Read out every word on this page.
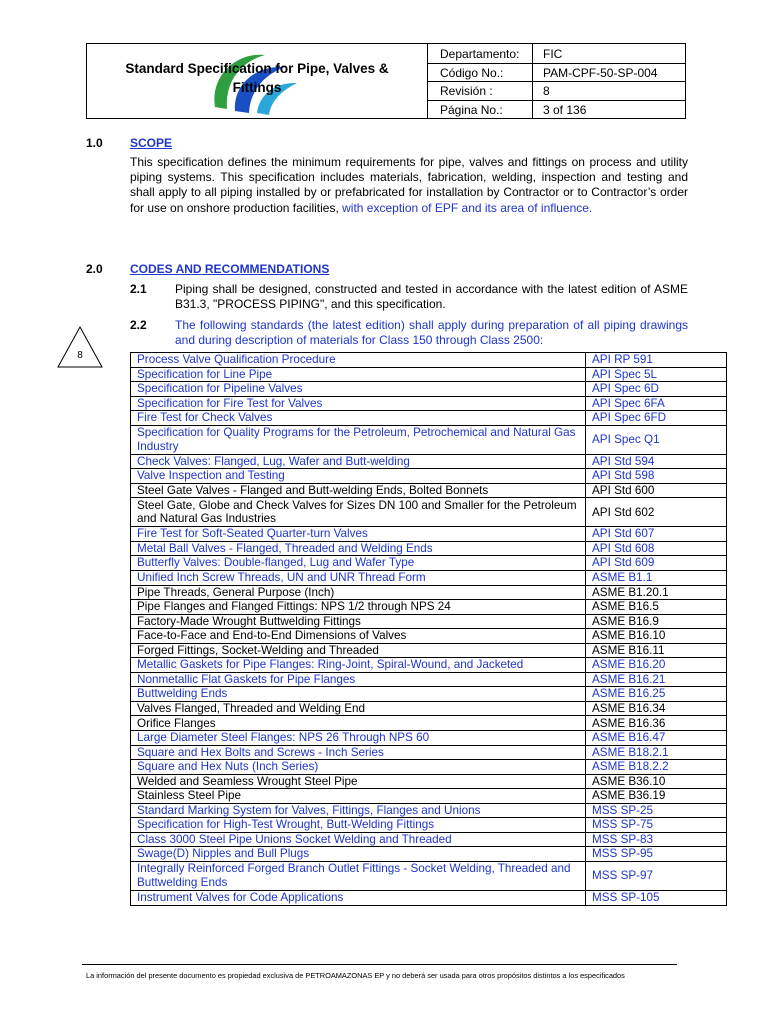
Standard Specification for Pipe, Valves &
Fittings
Departamento: FIC
Código No.:	PAM-CPF-50-SP-004
Revisión :	8
Página No.:	3 of 136
1.0 SCOPE
This specification defines the minimum requirements for pipe, valves and fittings on process and utility piping systems. This specification includes materials, fabrication, welding, inspection and testing and shall apply to all piping installed by or prefabricated for installation by Contractor or to Contractor’s order for use on onshore production facilities, with exception of EPF and its area of influence.
2.0 CODES AND RECOMMENDATIONS
2.1 Piping shall be designed, constructed and tested in accordance with the latest edition of ASME B31.3, "PROCESS PIPING", and this specification.
2.2 The following standards (the latest edition) shall apply during preparation of all piping drawings and during description of materials for Class 150 through Class 2500:
8	Process Valve Qualification Procedure	API RP 591
Specification for Line Pipe	API Spec 5L
Specification for Pipeline Valves	API Spec 6D
Specification for Fire Test for Valves	API Spec 6FA
Fire Test for Check Valves	API Spec 6FD
Specification for Quality Programs for the Petroleum, Petrochemical and Natural Gas Industry	API Spec Q1
Check Valves: Flanged, Lug, Wafer and Butt-welding	API Std 594
Valve Inspection and Testing	API Std 598
Steel Gate Valves - Flanged and Butt-welding Ends, Bolted Bonnets	API Std 600
Steel Gate, Globe and Check Valves for Sizes DN 100 and Smaller for the Petroleum and Natural Gas Industries	API Std 602
Fire Test for Soft-Seated Quarter-turn Valves	API Std 607
Metal Ball Valves - Flanged, Threaded and Welding Ends	API Std 608
Butterfly Valves: Double-flanged, Lug and Wafer Type	API Std 609
Unified Inch Screw Threads, UN and UNR Thread Form	ASME B1.1
Pipe Threads, General Purpose (Inch)	ASME B1.20.1
Pipe Flanges and Flanged Fittings: NPS 1/2 through NPS 24	ASME B16.5
Factory-Made Wrought Buttwelding Fittings	ASME B16.9
Face-to-Face and End-to-End Dimensions of Valves	ASME B16.10
Forged Fittings, Socket-Welding and Threaded	ASME B16.11
Metallic Gaskets for Pipe Flanges: Ring-Joint, Spiral-Wound, and Jacketed	ASME B16.20
Nonmetallic Flat Gaskets for Pipe Flanges	ASME B16.21
Buttwelding Ends	ASME B16.25
Valves Flanged, Threaded and Welding End	ASME B16.34
Orifice Flanges	ASME B16.36
Large Diameter Steel Flanges: NPS 26 Through NPS 60	ASME B16.47
Square and Hex Bolts and Screws - Inch Series	ASME B18.2.1
Square and Hex Nuts (Inch Series)	ASME B18.2.2
Welded and Seamless Wrought Steel Pipe	ASME B36.10
Stainless Steel Pipe	ASME B36.19
Standard Marking System for Valves, Fittings, Flanges and Unions	MSS SP-25
Specification for High-Test Wrought, Butt-Welding Fittings	MSS SP-75
Class 3000 Steel Pipe Unions Socket Welding and Threaded	MSS SP-83
Swage(D) Nipples and Bull Plugs	MSS SP-95
Integrally Reinforced Forged Branch Outlet Fittings - Socket Welding, Threaded and Buttwelding Ends	MSS SP-97
Instrument Valves for Code Applications	MSS SP-105
La información del presente documento es propiedad exclusiva de PETROAMAZONAS EP y no deberá ser usada para otros propósitos distintos a los especificados
